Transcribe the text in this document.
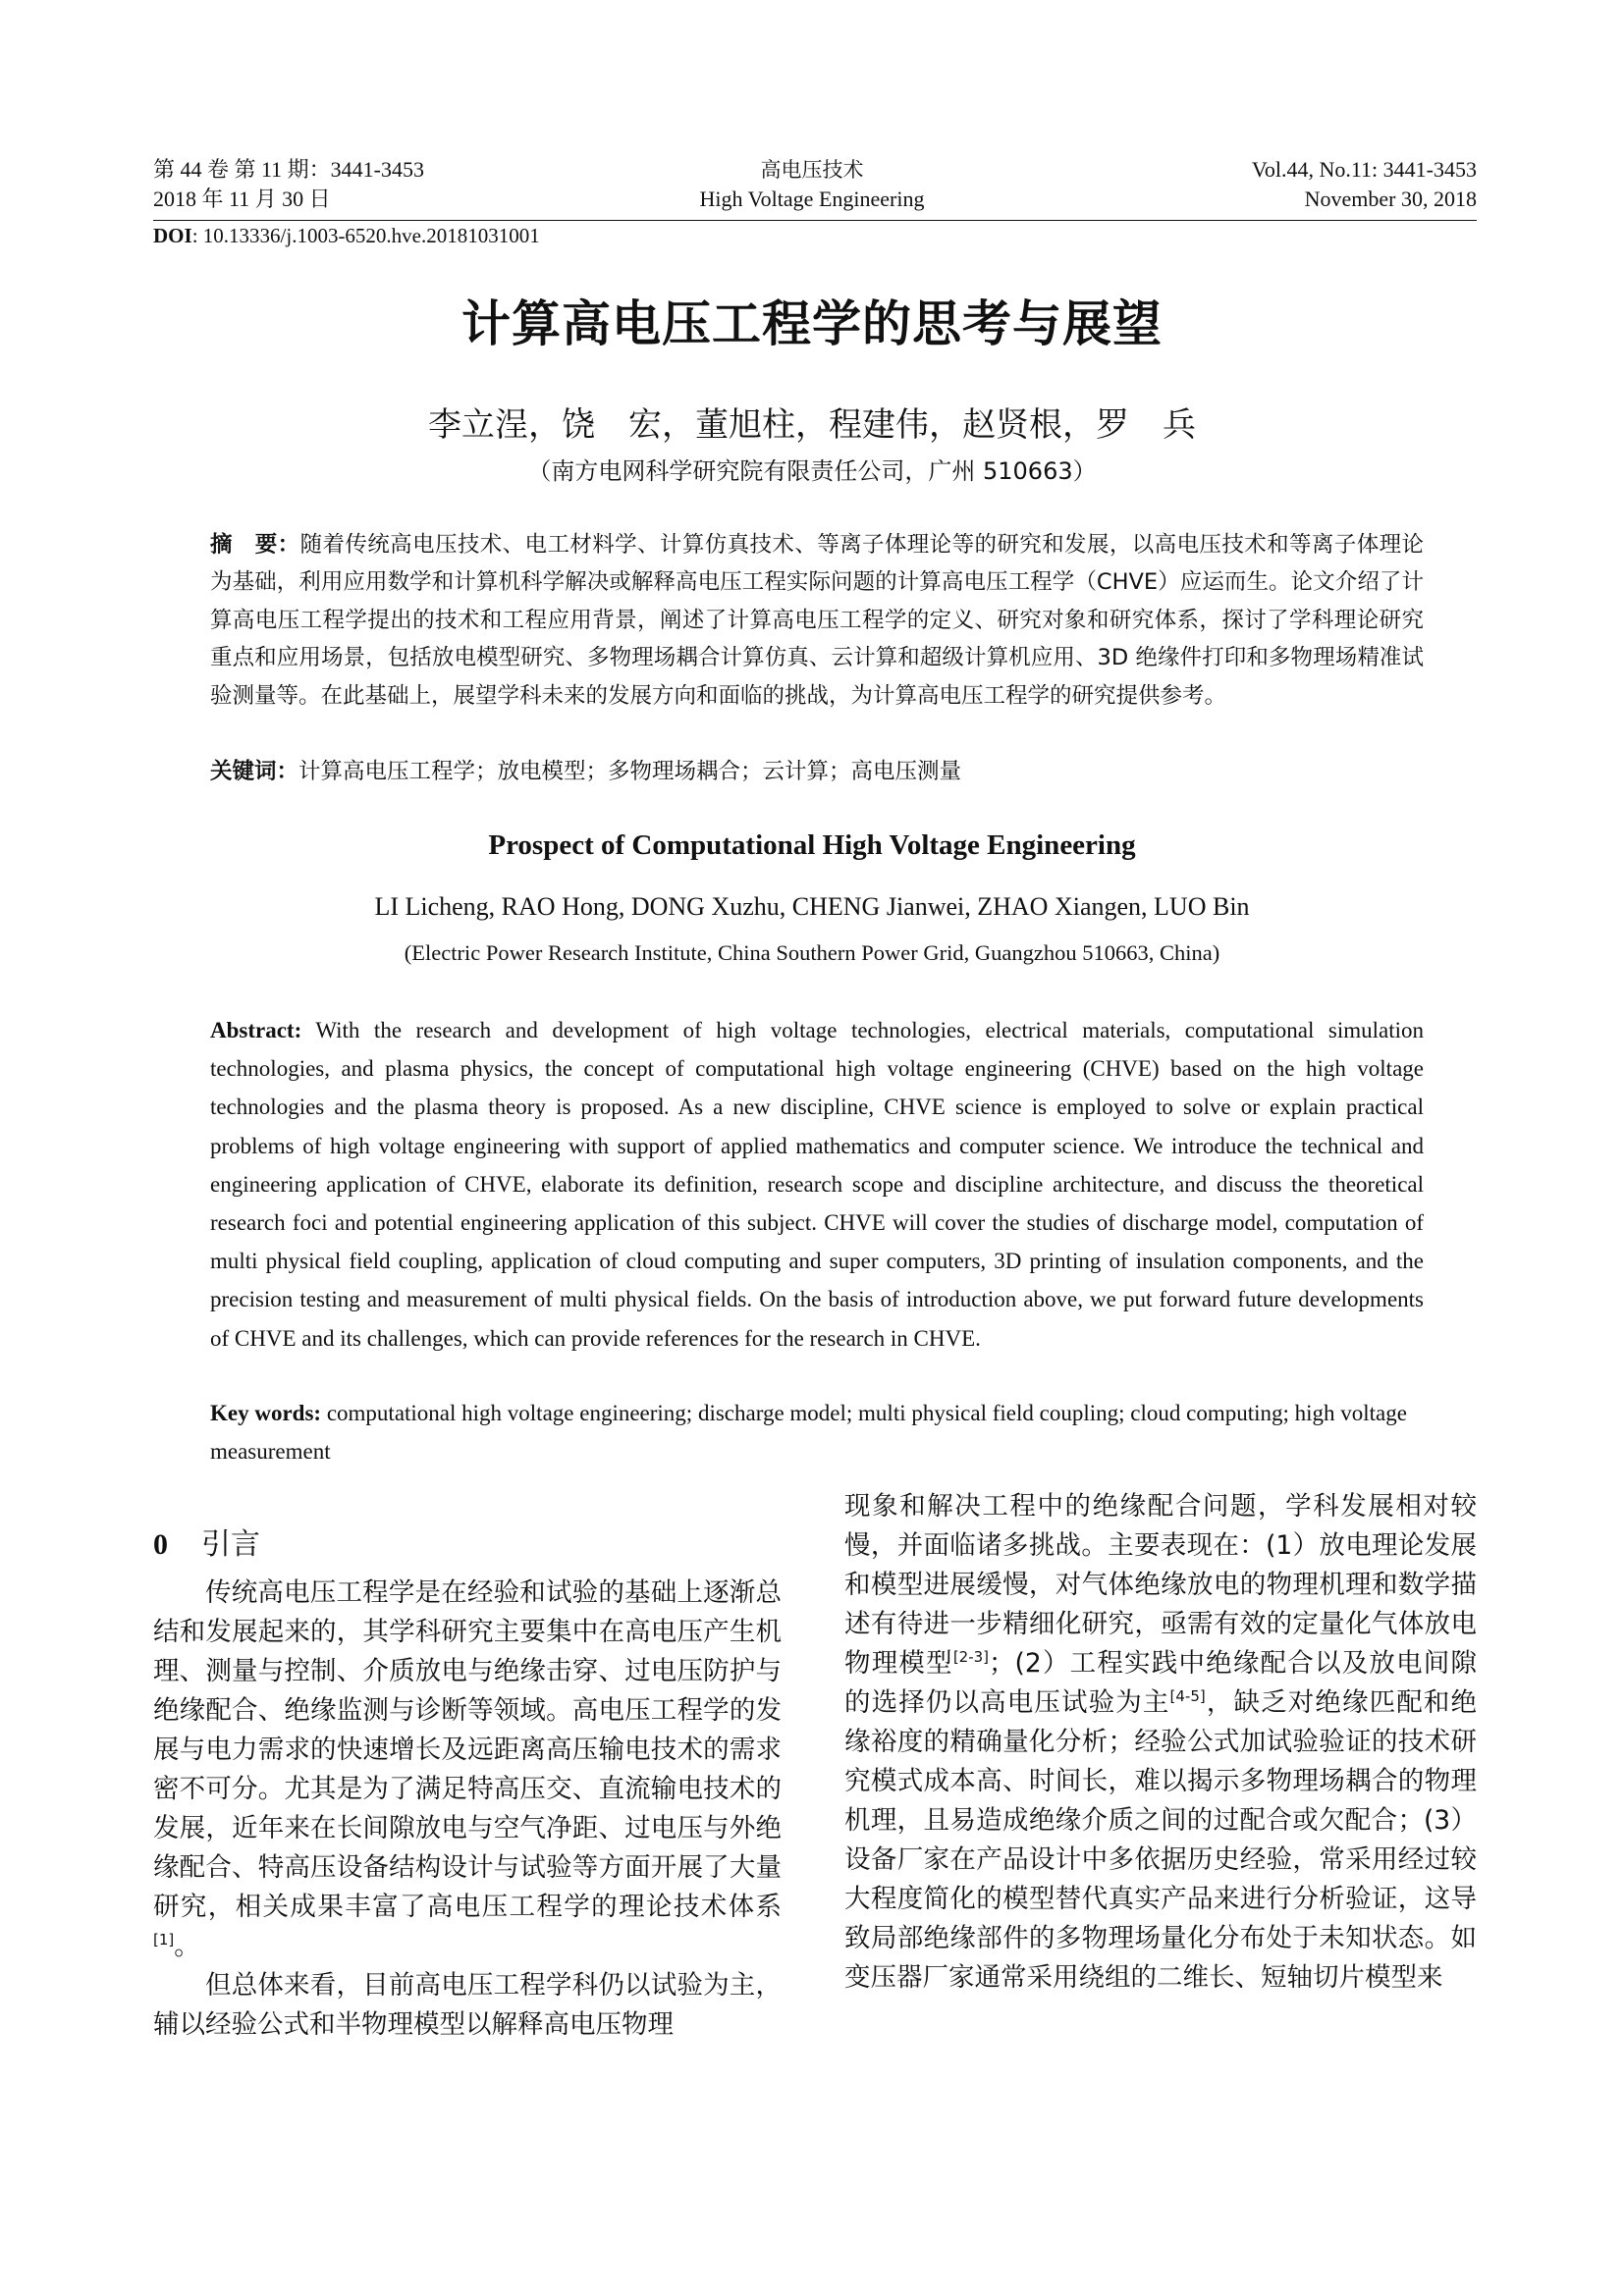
第 44 卷 第 11 期：3441-3453
2018 年 11 月 30 日
高电压技术
High Voltage Engineering
Vol.44, No.11: 3441-3453
November 30, 2018
DOI: 10.13336/j.1003-6520.hve.20181031001
计算高电压工程学的思考与展望
李立浧，饶　宏，董旭柱，程建伟，赵贤根，罗　兵
（南方电网科学研究院有限责任公司，广州 510663）
摘　要：随着传统高电压技术、电工材料学、计算仿真技术、等离子体理论等的研究和发展，以高电压技术和等离子体理论为基础，利用应用数学和计算机科学解决或解释高电压工程实际问题的计算高电压工程学（CHVE）应运而生。论文介绍了计算高电压工程学提出的技术和工程应用背景，阐述了计算高电压工程学的定义、研究对象和研究体系，探讨了学科理论研究重点和应用场景，包括放电模型研究、多物理场耦合计算仿真、云计算和超级计算机应用、3D 绝缘件打印和多物理场精准试验测量等。在此基础上，展望学科未来的发展方向和面临的挑战，为计算高电压工程学的研究提供参考。
关键词：计算高电压工程学；放电模型；多物理场耦合；云计算；高电压测量
Prospect of Computational High Voltage Engineering
LI Licheng, RAO Hong, DONG Xuzhu, CHENG Jianwei, ZHAO Xiangen, LUO Bin
(Electric Power Research Institute, China Southern Power Grid, Guangzhou 510663, China)
Abstract: With the research and development of high voltage technologies, electrical materials, computational simulation technologies, and plasma physics, the concept of computational high voltage engineering (CHVE) based on the high voltage technologies and the plasma theory is proposed. As a new discipline, CHVE science is employed to solve or explain practical problems of high voltage engineering with support of applied mathematics and computer science. We introduce the technical and engineering application of CHVE, elaborate its definition, research scope and discipline architecture, and discuss the theoretical research foci and potential engineering application of this subject. CHVE will cover the studies of discharge model, computation of multi physical field coupling, application of cloud computing and super computers, 3D printing of insulation components, and the precision testing and measurement of multi physical fields. On the basis of introduction above, we put forward future developments of CHVE and its challenges, which can provide references for the research in CHVE.
Key words: computational high voltage engineering; discharge model; multi physical field coupling; cloud computing; high voltage measurement
0 引言

传统高电压工程学是在经验和试验的基础上逐渐总结和发展起来的，其学科研究主要集中在高电压产生机理、测量与控制、介质放电与绝缘击穿、过电压防护与绝缘配合、绝缘监测与诊断等领域。高电压工程学的发展与电力需求的快速增长及远距离高压输电技术的需求密不可分。尤其是为了满足特高压交、直流输电技术的发展，近年来在长间隙放电与空气净距、过电压与外绝缘配合、特高压设备结构设计与试验等方面开展了大量研究，相关成果丰富了高电压工程学的理论技术体系[1]。

但总体来看，目前高电压工程学科仍以试验为主，辅以经验公式和半物理模型以解释高电压物理

现象和解决工程中的绝缘配合问题，学科发展相对较慢，并面临诸多挑战。主要表现在：(1）放电理论发展和模型进展缓慢，对气体绝缘放电的物理机理和数学描述有待进一步精细化研究，亟需有效的定量化气体放电物理模型[2-3]；(2）工程实践中绝缘配合以及放电间隙的选择仍以高电压试验为主[4-5]，缺乏对绝缘匹配和绝缘裕度的精确量化分析；经验公式加试验验证的技术研究模式成本高、时间长，难以揭示多物理场耦合的物理机理，且易造成绝缘介质之间的过配合或欠配合；(3）设备厂家在产品设计中多依据历史经验，常采用经过较大程度简化的模型替代真实产品来进行分析验证，这导致局部绝缘部件的多物理场量化分布处于未知状态。如变压器厂家通常采用绕组的二维长、短轴切片模型来
